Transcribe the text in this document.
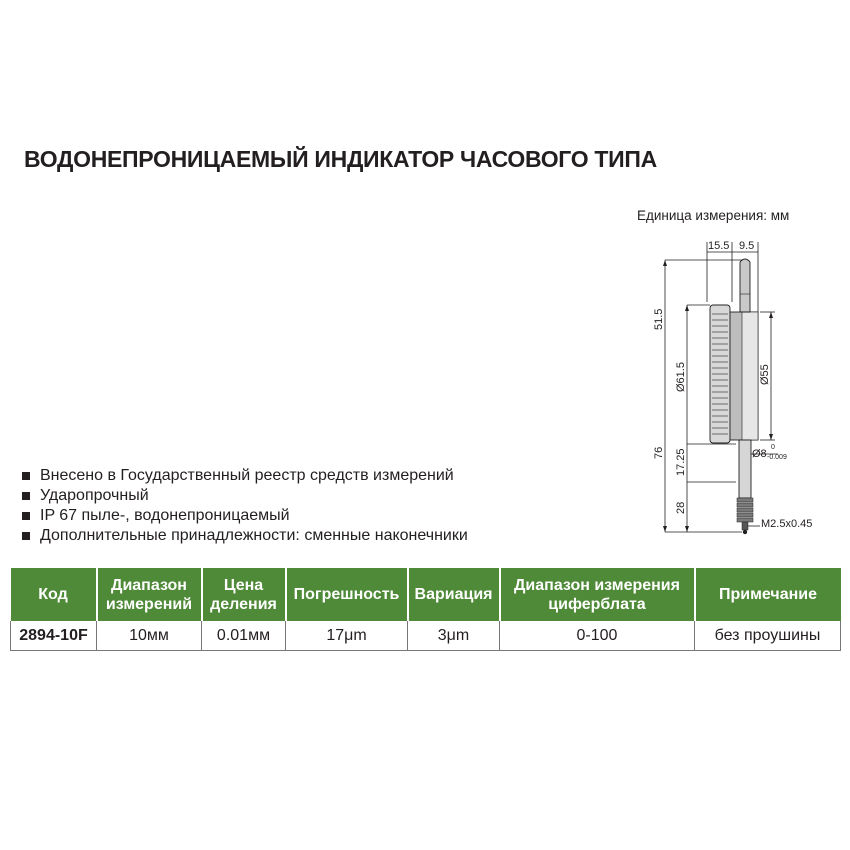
ВОДОНЕПРОНИЦАЕМЫЙ ИНДИКАТОР ЧАСОВОГО ТИПА
Единица измерения: мм
15.5 9.5
51.5
Ø61.5	Ø55
76 17.25	Ø8
0
-0.009
28
M2.5x0.45
Внесено в Государственный реестр средств измерений
Ударопрочный
IP 67 пыле-, водонепроницаемый
Дополнительные принадлежности: сменные наконечники
Код	Диапазон измерений	Цена деления	Погрешность	Вариация	Диапазон измерения циферблата	Примечание
2894-10F	10мм	0.01мм	17μm	3μm	0-100	без проушины
